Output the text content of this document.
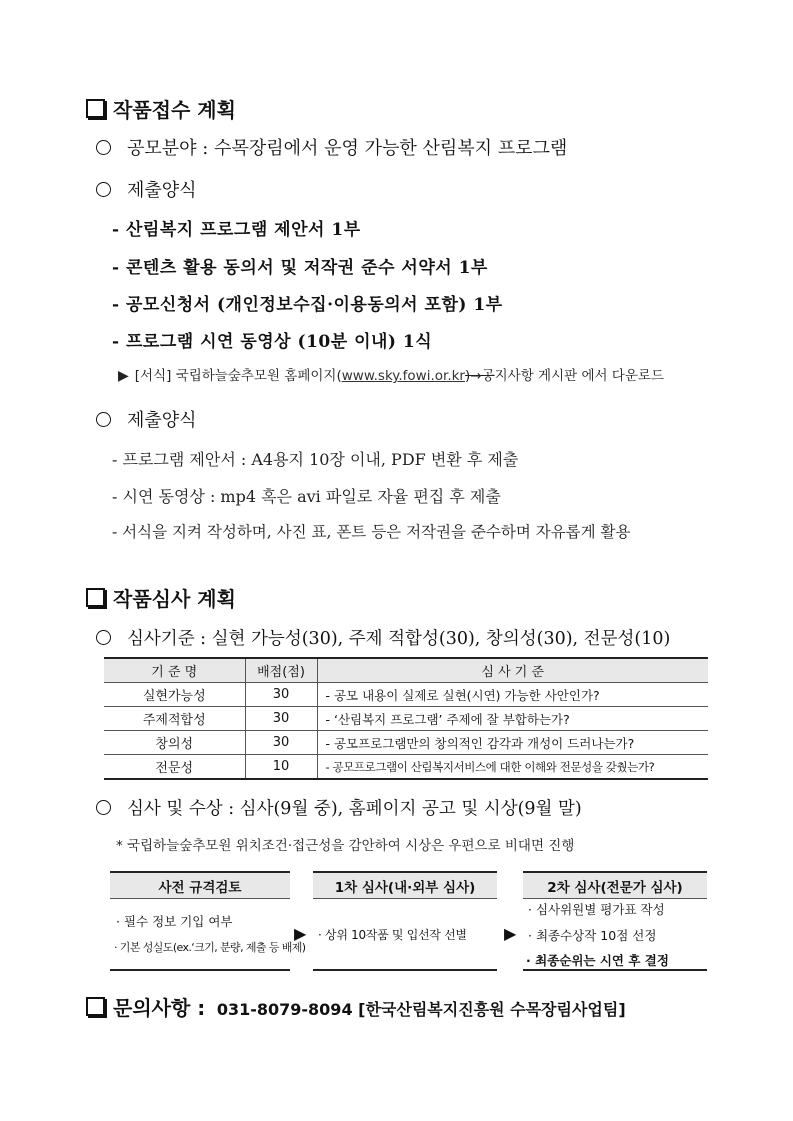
작품접수 계획
공모분야 : 수목장림에서 운영 가능한 산림복지 프로그램
제출양식
- 산림복지 프로그램 제안서 1부
- 콘텐츠 활용 동의서 및 저작권 준수 서약서 1부
- 공모신청서 (개인정보수집·이용동의서 포함) 1부
- 프로그램 시연 동영상 (10분 이내) 1식
▶ [서식] 국립하늘숲추모원 홈페이지(www.sky.fowi.or.kr)→공지사항 게시판 에서 다운로드
제출양식
- 프로그램 제안서 : A4용지 10장 이내, PDF 변환 후 제출
- 시연 동영상 : mp4 혹은 avi 파일로 자율 편집 후 제출
- 서식을 지켜 작성하며, 사진 표, 폰트 등은 저작권을 준수하며 자유롭게 활용
작품심사 계획
심사기준 : 실현 가능성(30), 주제 적합성(30), 창의성(30), 전문성(10)
기 준 명	배점(점)	심 사 기 준
실현가능성	30	- 공모 내용이 실제로 실현(시연) 가능한 사안인가?
주제적합성	30	- ‘산림복지 프로그램’ 주제에 잘 부합하는가?
창의성	30	- 공모프로그램만의 창의적인 감각과 개성이 드러나는가?
전문성	10	- 공모프로그램이 산림복지서비스에 대한 이해와 전문성을 갖췄는가?
심사 및 수상 : 심사(9월 중), 홈페이지 공고 및 시상(9월 말)
* 국립하늘숲추모원 위치조건·접근성을 감안하여 시상은 우편으로 비대면 진행
사전 규격검토	1차 심사(내·외부 심사)	2차 심사(전문가 심사)
· 필수 정보 기입 여부
· 기본 성실도(ex.‘크기, 분량, 제출 등 배제)
▶ · 상위 10작품 및 입선작 선별 ▶
· 심사위원별 평가표 작성
· 최종수상작 10점 선정
· 최종순위는 시연 후 결정
문의사항 : 031-8079-8094 [한국산림복지진흥원 수목장림사업팀]
